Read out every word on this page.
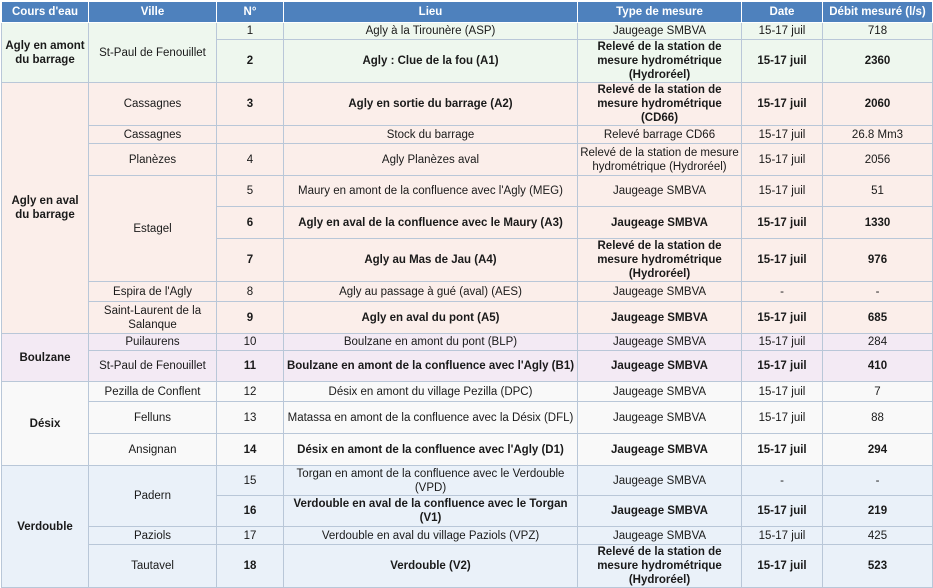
Cours d'eau	Ville	N°	Lieu	Type de mesure	Date	Débit mesuré (l/s)
Agly en amont du barrage	St-Paul de Fenouillet	1	Agly à la Tirounère (ASP)	Jaugeage SMBVA	15-17 juil	718
		2	Agly : Clue de la fou (A1)	Relevé de la station de mesure hydrométrique (Hydroréel)	15-17 juil	2360
Agly en aval du barrage	Cassagnes	3	Agly en sortie du barrage (A2)	Relevé de la station de mesure hydrométrique (CD66)	15-17 juil	2060
	Cassagnes		Stock du barrage	Relevé barrage CD66	15-17 juil	26.8 Mm3
	Planèzes	4	Agly Planèzes aval	Relevé de la station de mesure hydrométrique (Hydroréel)	15-17 juil	2056
	Estagel	5	Maury en amont de la confluence avec l'Agly (MEG)	Jaugeage SMBVA	15-17 juil	51
		6	Agly en aval de la confluence avec le Maury (A3)	Jaugeage SMBVA	15-17 juil	1330
		7	Agly au Mas de Jau (A4)	Relevé de la station de mesure hydrométrique (Hydroréel)	15-17 juil	976
	Espira de l'Agly	8	Agly au passage à gué (aval) (AES)	Jaugeage SMBVA	-	-
	Saint-Laurent de la Salanque	9	Agly en aval du pont (A5)	Jaugeage SMBVA	15-17 juil	685
Boulzane	Puilaurens	10	Boulzane en amont du pont (BLP)	Jaugeage SMBVA	15-17 juil	284
	St-Paul de Fenouillet	11	Boulzane en amont de la confluence avec l'Agly (B1)	Jaugeage SMBVA	15-17 juil	410
Désix	Pezilla de Conflent	12	Désix en amont du village Pezilla (DPC)	Jaugeage SMBVA	15-17 juil	7
	Felluns	13	Matassa en amont de la confluence avec la Désix (DFL)	Jaugeage SMBVA	15-17 juil	88
	Ansignan	14	Désix en amont de la confluence avec l'Agly (D1)	Jaugeage SMBVA	15-17 juil	294
Verdouble	Padern	15	Torgan en amont de la confluence avec le Verdouble (VPD)	Jaugeage SMBVA	-	-
		16	Verdouble en aval de la confluence avec le Torgan (V1)	Jaugeage SMBVA	15-17 juil	219
	Paziols	17	Verdouble en aval du village Paziols (VPZ)	Jaugeage SMBVA	15-17 juil	425
	Tautavel	18	Verdouble (V2)	Relevé de la station de mesure hydrométrique (Hydroréel)	15-17 juil	523
